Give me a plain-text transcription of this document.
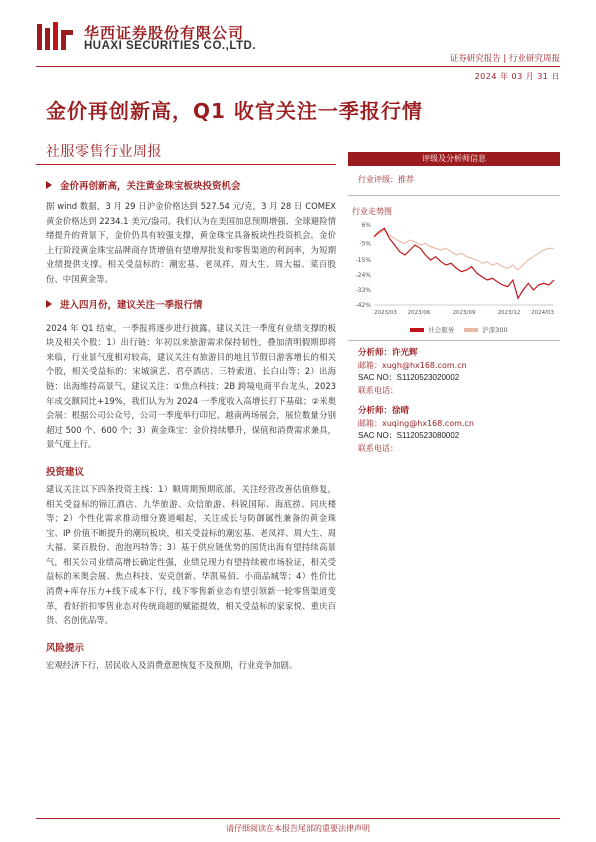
华西证券股份有限公司
HUAXI SECURITIES CO.,LTD.
证券研究报告 | 行业研究周报
2024 年 03 月 31 日
金价再创新高，Q1 收官关注一季报行情
社服零售行业周报
金价再创新高，关注黄金珠宝板块投资机会

据 wind 数据，3 月 29 日沪金价格达到 527.54 元/克，3 月 28 日 COMEX 黄金价格达到 2234.1 美元/盎司。我们认为在美国加息预期增强、全球避险情绪提升的背景下，金价仍具有较强支撑，黄金珠宝具备板块性投资机会。金价上行阶段黄金珠宝品牌商存货增值有望增厚批发和零售渠道的利润率，为短期业绩提供支撑。相关受益标的：潮宏基、老凤祥、周大生、周大福、菜百股份、中国黄金等。

进入四月份，建议关注一季报行情

2024 年 Q1 结束，一季报将逐步进行披露，建议关注一季度有业绩支撑的板块及相关个股：1）出行链：年初以来旅游需求保持韧性，叠加清明假期即将来临，行业景气度相对较高，建议关注有旅游目的地且节假日游客增长的相关个股，相关受益标的：宋城演艺、君亭酒店、三特索道、长白山等；2）出海链：出海维持高景气，建议关注：①焦点科技：2B 跨境电商平台龙头，2023 年成交额同比+19%，我们认为为 2024 一季度收入高增长打下基础；②米奥会展：根据公司公众号，公司一季度举行印尼、越南两场展会，展位数量分别超过 500 个、600 个；3）黄金珠宝：金价持续攀升，保值和消费需求兼具，景气度上行。

投资建议

建议关注以下四条投资主线：1）顺周期预期底部，关注经营改善估值修复，相关受益标的锦江酒店、九华旅游、众信旅游、科锐国际、海底捞、同庆楼等；2）个性化需求推动细分赛道崛起，关注成长与防御属性兼备的黄金珠宝、IP 价值不断提升的潮玩板块，相关受益标的潮宏基、老凤祥、周大生、周大福、菜百股份、泡泡玛特等；3）基于供应链优势的国货出海有望持续高景气，相关公司业绩高增长确定性强，业绩兑现力有望持续被市场验证，相关受益标的米奥会展、焦点科技、安克创新、华凯易佰、小商品城等；4）性价比消费+库存压力+线下成本下行，线下零售新业态有望引领新一轮零售渠道变革，看好折扣零售业态对传统商超的赋能提效，相关受益标的家家悦、重庆百货、名创优品等。

风险提示

宏观经济下行，居民收入及消费意愿恢复不及预期，行业竞争加剧。

评级及分析师信息
行业评级：推荐
行业走势图
6%
-5%
-15%
-24%
-33%
-42%
2023/03 2023/06	2023/09	2023/12 2024/03
社会服务	沪深300
分析师：许光辉
邮箱：xugh@hx168.com.cn
SAC NO：S1120523020002
联系电话：
分析师：徐晴
邮箱：xuqing@hx168.com.cn
SAC NO：S1120523080002
联系电话：
请仔细阅读在本报告尾部的重要法律声明
